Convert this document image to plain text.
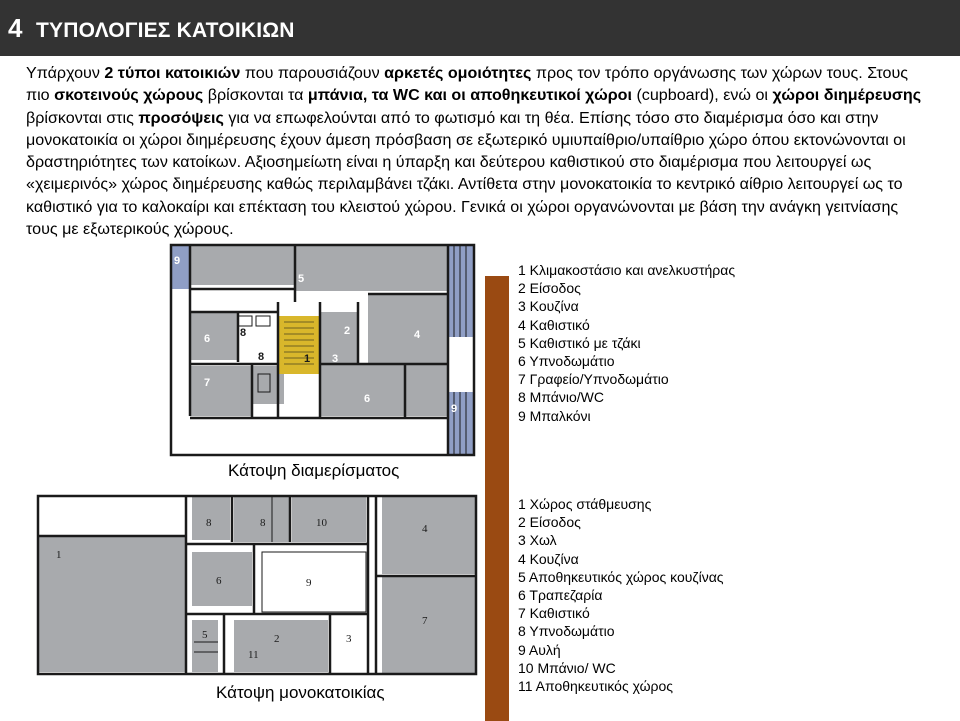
4 ΤΥΠΟΛΟΓΙΕΣ ΚΑΤΟΙΚΙΩΝ

Υπάρχουν 2 τύποι κατοικιών που παρουσιάζουν αρκετές ομοιότητες προς τον τρόπο οργάνωσης των χώρων τους. Στους πιο σκοτεινούς χώρους βρίσκονται τα μπάνια, τα WC και οι αποθηκευτικοί χώροι (cupboard), ενώ οι χώροι διημέρευσης βρίσκονται στις προσόψεις για να επωφελούνται από το φωτισμό και τη θέα. Επίσης τόσο στο διαμέρισμα όσο και στην μονοκατοικία οι χώροι διημέρευσης έχουν άμεση πρόσβαση σε εξωτερικό υμιυπαίθριο/υπαίθριο χώρο όπου εκτονώνονται οι δραστηριότητες των κατοίκων. Αξιοσημείωτη είναι η ύπαρξη και δεύτερου καθιστικού στο διαμέρισμα που λειτουργεί ως «χειμερινός» χώρος διημέρευσης καθώς περιλαμβάνει τζάκι. Αντίθετα στην μονοκατοικία το κεντρικό αίθριο λειτουργεί ως το καθιστικό για το καλοκαίρι και επέκταση του κλειστού χώρου. Γενικά οι χώροι οργανώνονται με βάση την ανάγκη γειτνίασης τους με εξωτερικούς χώρους.

9
5
1
4
8
8	3
2
6
7
6
9
Κάτοψη διαμερίσματος
1
8	8	10
9
6
4
7
5	2	3
11
Κάτοψη μονοκατοικίας
1 Κλιμακοστάσιο και ανελκυστήρας
2 Είσοδος
3 Κουζίνα
4 Καθιστικό
5 Καθιστικό με τζάκι
6 Υπνοδωμάτιο
7 Γραφείο/Υπνοδωμάτιο
8 Μπάνιο/WC
9 Μπαλκόνι
1 Χώρος στάθμευσης
2 Είσοδος
3 Χωλ
4 Κουζίνα
5 Αποθηκευτικός χώρος κουζίνας
6 Τραπεζαρία
7 Καθιστικό
8 Υπνοδωμάτιο
9 Αυλή
10 Μπάνιο/ WC
11 Αποθηκευτικός χώρος
